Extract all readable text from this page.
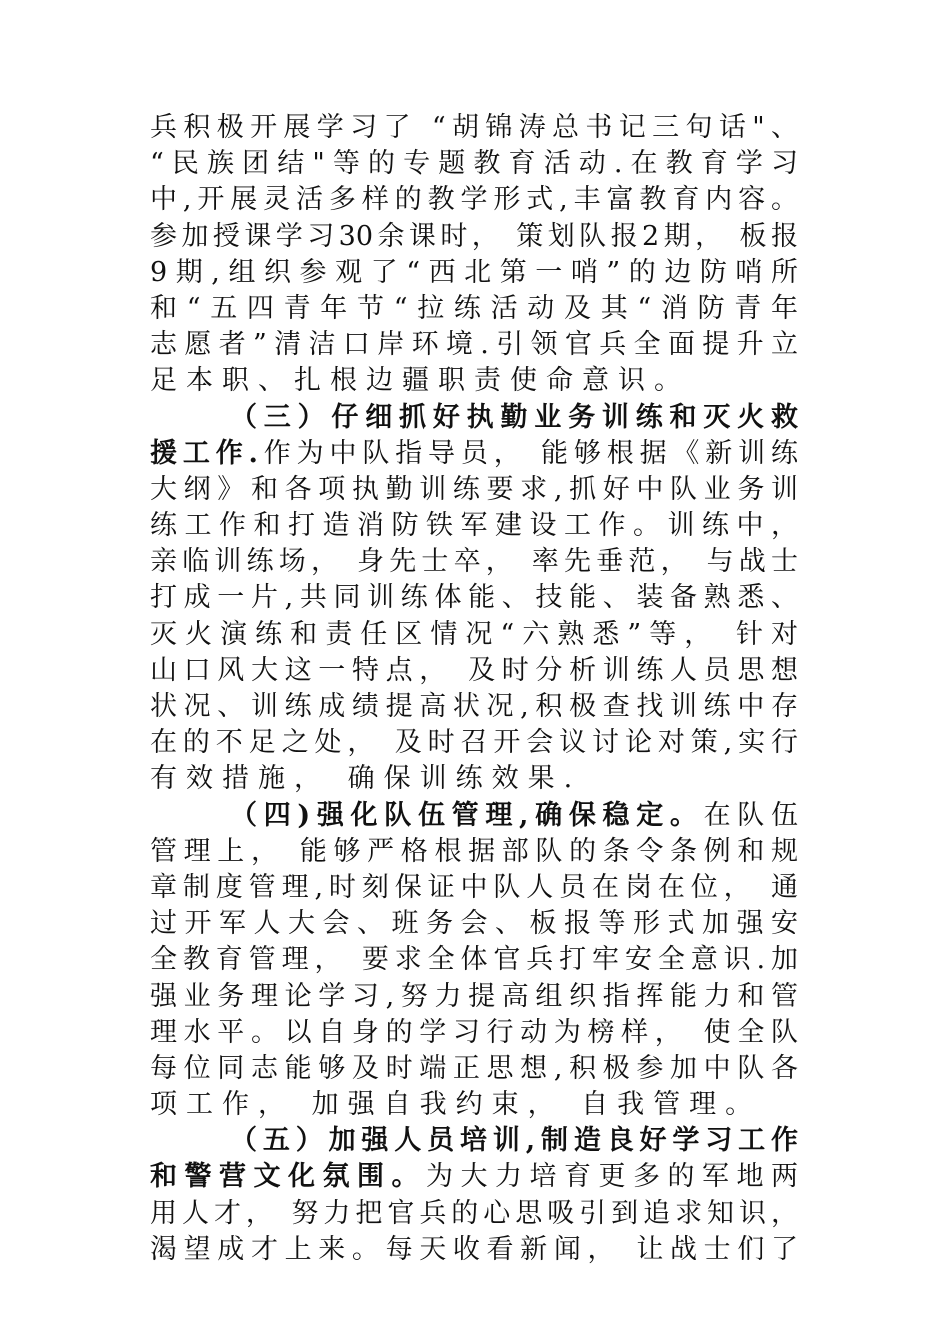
兵积极开展学习了 “胡锦涛总书记三句话"、
“民族团结"等的专题教育活动.在教育学习
中,开展灵活多样的教学形式,丰富教育内容。
参加授课学习30余课时， 策划队报2期， 板报
9期,组织参观了“西北第一哨”的边防哨所
和“五四青年节“拉练活动及其“消防青年
志愿者”清洁口岸环境.引领官兵全面提升立
足本职、扎根边疆职责使命意识。
（三）仔细抓好执勤业务训练和灭火救
援工作.作为中队指导员， 能够根据《新训练
大纲》和各项执勤训练要求,抓好中队业务训
练工作和打造消防铁军建设工作。训练中，
亲临训练场， 身先士卒， 率先垂范， 与战士
打成一片,共同训练体能、技能、装备熟悉、
灭火演练和责任区情况“六熟悉”等， 针对
山口风大这一特点， 及时分析训练人员思想
状况、训练成绩提高状况,积极查找训练中存
在的不足之处， 及时召开会议讨论对策,实行
有效措施， 确保训练效果.
（四)强化队伍管理,确保稳定。在队伍
管理上， 能够严格根据部队的条令条例和规
章制度管理,时刻保证中队人员在岗在位， 通
过开军人大会、班务会、板报等形式加强安
全教育管理， 要求全体官兵打牢安全意识.加
强业务理论学习,努力提高组织指挥能力和管
理水平。以自身的学习行动为榜样， 使全队
每位同志能够及时端正思想,积极参加中队各
项工作， 加强自我约束， 自我管理。
（五）加强人员培训,制造良好学习工作
和警营文化氛围。为大力培育更多的军地两
用人才， 努力把官兵的心思吸引到追求知识，
渴望成才上来。每天收看新闻， 让战士们了
